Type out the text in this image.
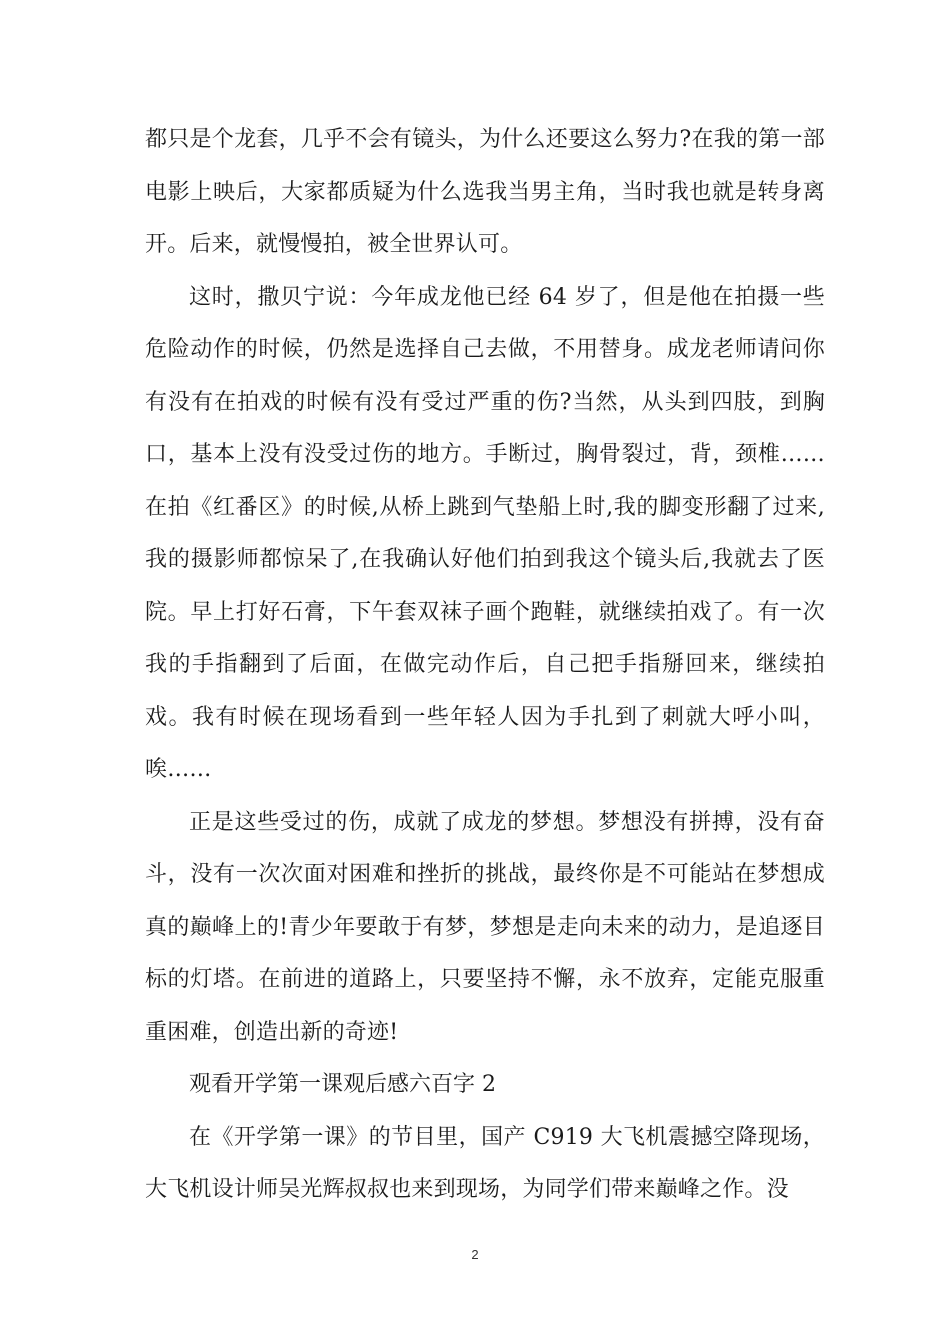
都只是个龙套，几乎不会有镜头，为什么还要这么努力?在我的第一部电影上映后，大家都质疑为什么选我当男主角，当时我也就是转身离开。后来，就慢慢拍，被全世界认可。

这时，撒贝宁说：今年成龙他已经 64 岁了，但是他在拍摄一些危险动作的时候，仍然是选择自己去做，不用替身。成龙老师请问你有没有在拍戏的时候有没有受过严重的伤?当然，从头到四肢，到胸口，基本上没有没受过伤的地方。手断过，胸骨裂过，背，颈椎……在拍《红番区》的时候,从桥上跳到气垫船上时,我的脚变形翻了过来,我的摄影师都惊呆了,在我确认好他们拍到我这个镜头后,我就去了医院。早上打好石膏，下午套双袜子画个跑鞋，就继续拍戏了。有一次我的手指翻到了后面，在做完动作后，自己把手指掰回来，继续拍戏。我有时候在现场看到一些年轻人因为手扎到了刺就大呼小叫，唉……

正是这些受过的伤，成就了成龙的梦想。梦想没有拼搏，没有奋斗，没有一次次面对困难和挫折的挑战，最终你是不可能站在梦想成真的巅峰上的!青少年要敢于有梦，梦想是走向未来的动力，是追逐目标的灯塔。在前进的道路上，只要坚持不懈，永不放弃，定能克服重重困难，创造出新的奇迹!

观看开学第一课观后感六百字 2

在《开学第一课》的节目里，国产 C919 大飞机震撼空降现场，大飞机设计师吴光辉叔叔也来到现场，为同学们带来巅峰之作。没

2
